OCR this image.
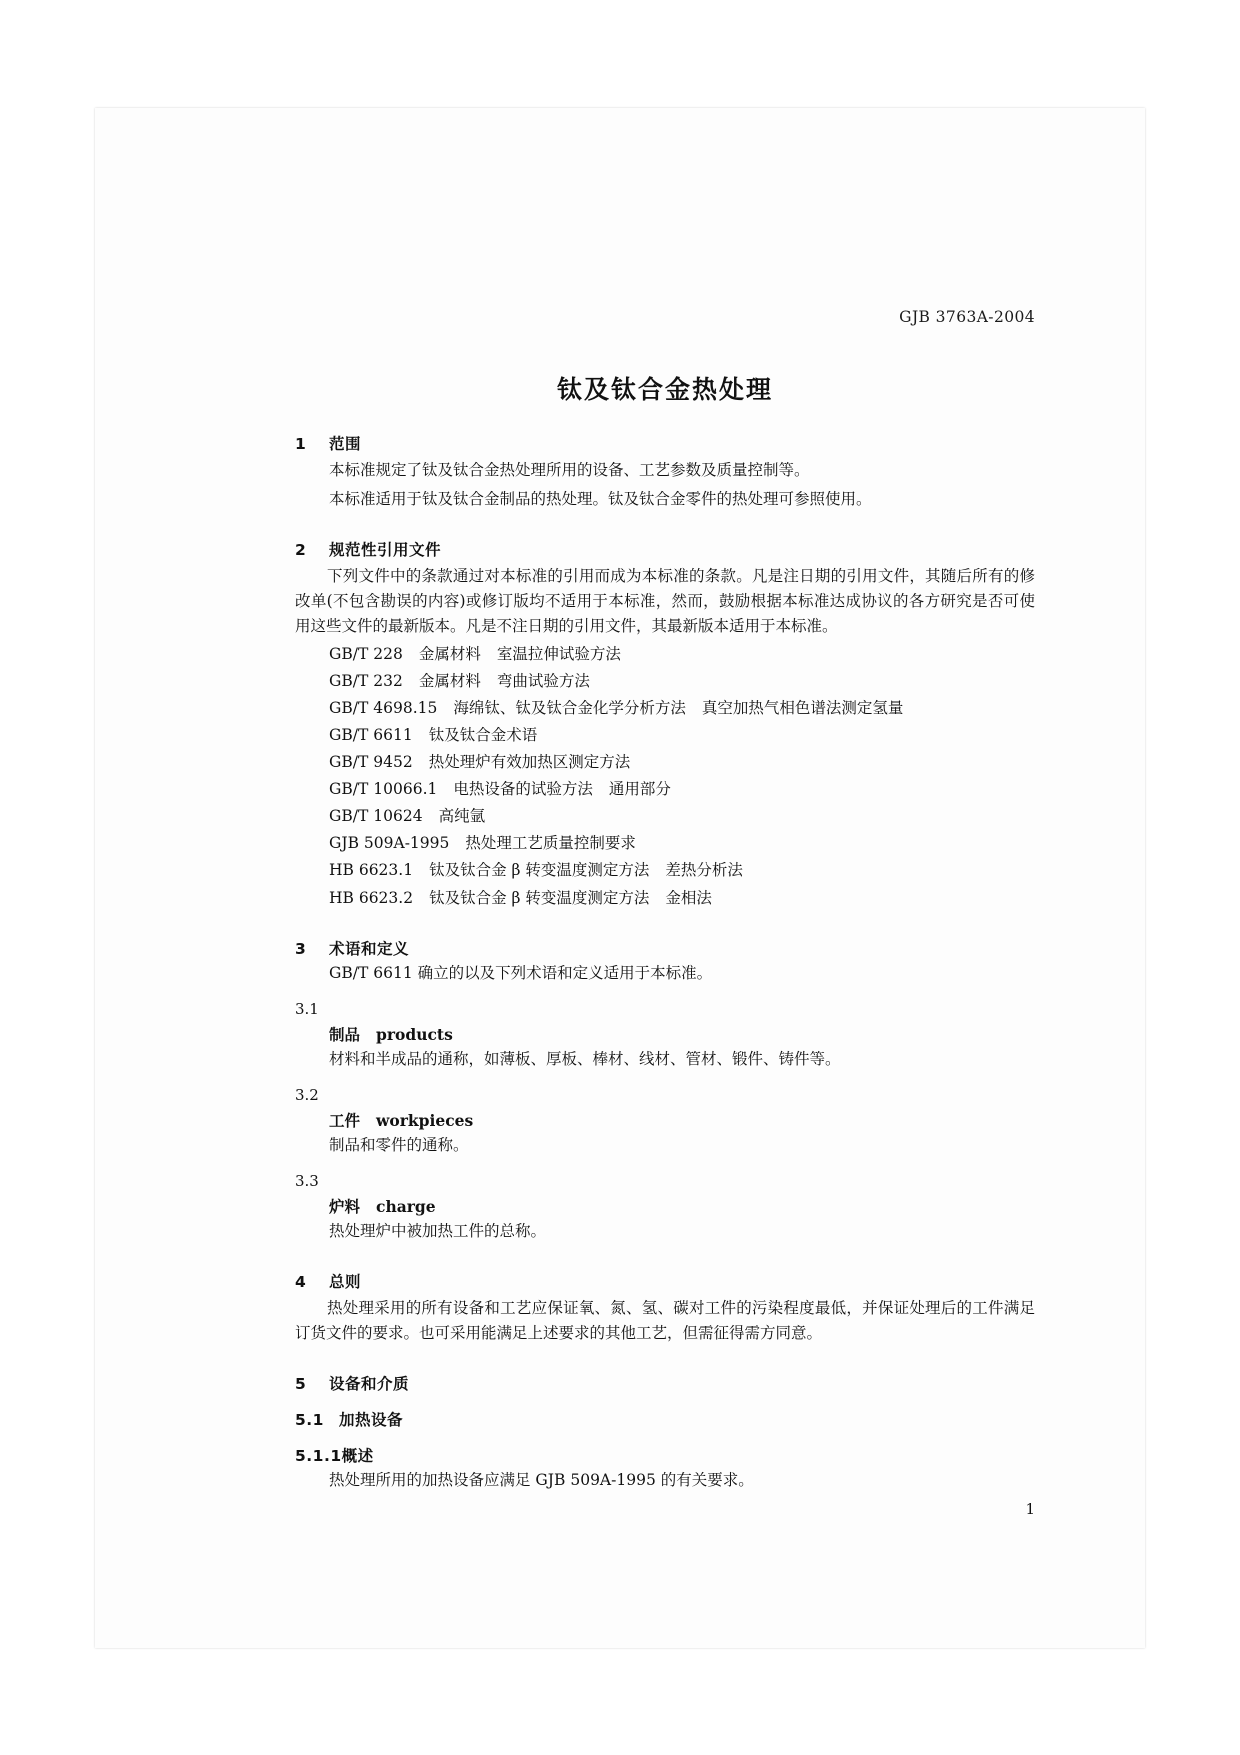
GJB 3763A-2004
钛及钛合金热处理
1 范围

本标准规定了钛及钛合金热处理所用的设备、工艺参数及质量控制等。

本标准适用于钛及钛合金制品的热处理。钛及钛合金零件的热处理可参照使用。

2 规范性引用文件

下列文件中的条款通过对本标准的引用而成为本标准的条款。凡是注日期的引用文件，其随后所有的修改单(不包含勘误的内容)或修订版均不适用于本标准，然而，鼓励根据本标准达成协议的各方研究是否可使用这些文件的最新版本。凡是不注日期的引用文件，其最新版本适用于本标准。

GB/T 228 金属材料 室温拉伸试验方法

GB/T 232 金属材料 弯曲试验方法

GB/T 4698.15 海绵钛、钛及钛合金化学分析方法 真空加热气相色谱法测定氢量

GB/T 6611 钛及钛合金术语

GB/T 9452 热处理炉有效加热区测定方法

GB/T 10066.1 电热设备的试验方法 通用部分

GB/T 10624 高纯氩

GJB 509A-1995 热处理工艺质量控制要求

HB 6623.1 钛及钛合金 β 转变温度测定方法 差热分析法

HB 6623.2 钛及钛合金 β 转变温度测定方法 金相法

3 术语和定义

GB/T 6611 确立的以及下列术语和定义适用于本标准。

3.1
制品 products

材料和半成品的通称，如薄板、厚板、棒材、线材、管材、锻件、铸件等。

3.2
工件 workpieces

制品和零件的通称。

3.3
炉料 charge

热处理炉中被加热工件的总称。

4 总则

热处理采用的所有设备和工艺应保证氧、氮、氢、碳对工件的污染程度最低，并保证处理后的工件满足订货文件的要求。也可采用能满足上述要求的其他工艺，但需征得需方同意。

5 设备和介质
5.1 加热设备
5.1.1概述

热处理所用的加热设备应满足 GJB 509A-1995 的有关要求。

1
